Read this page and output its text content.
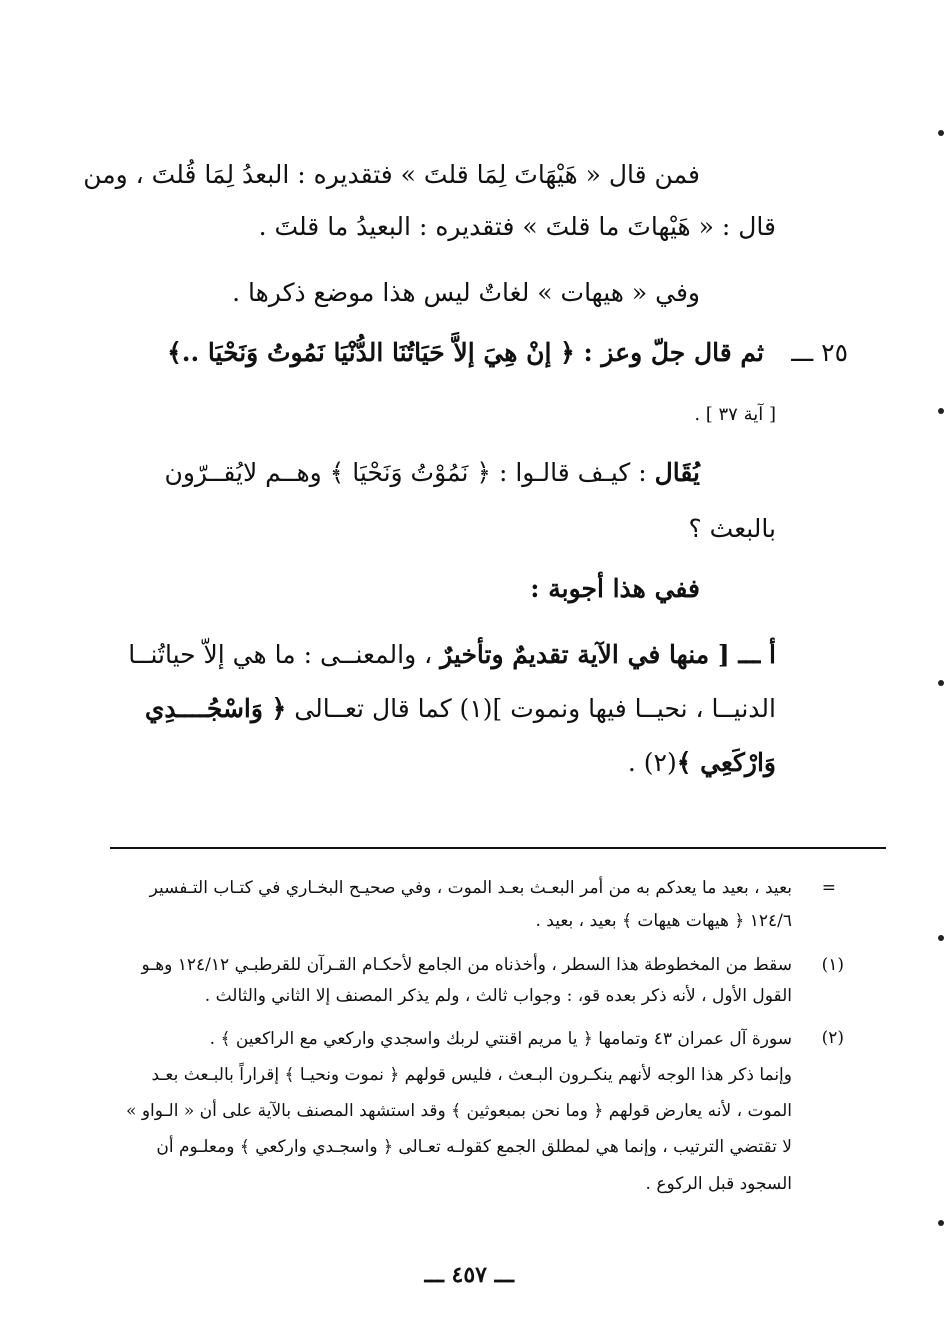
فمن قال « هَيْهَاتَ لِمَا قلتَ » فتقديره : البعدُ لِمَا قُلتَ ، ومن
قال : « هَيْهاتَ ما قلتَ » فتقديره : البعيدُ ما قلتَ .
وفي « هيهات » لغاتٌ ليس هذا موضع ذكرها .
٢٥ ـــ
ثم قال جلّ وعز : ﴿ إنْ هِيَ إلاَّ حَيَاتُنَا الدُّنْيَا نَمُوتُ وَنَحْيَا ..﴾
[ آية ٣٧ ] .
يُقَال : كيـف قالـوا : ﴿ نَمُوْتُ وَنَحْيَا ﴾ وهــم لايُقــرّون
بالبعث ؟
ففي هذا أجوبة :
أ ـــ [ منها في الآية تقديمٌ وتأخيرٌ ، والمعنــى : ما هي إلاّ حياتُنــا
الدنيــا ، نحيــا فيها ونموت ](١) كما قال تعــالى ﴿ وَاسْجُــــدِي
وَارْكَعِي ﴾(٢) .
=
بعيد ، بعيد ما يعدكم به من أمر البعـث بعـد الموت ، وفي صحيـح البخـاري في كتـاب التـفسير
١٢٤/٦ ﴿ هيهات هيهات ﴾ بعيد ، بعيد .
(١)
سقط من المخطوطة هذا السطر ، وأخذناه من الجامع لأحكـام القـرآن للقرطبـي ١٢٤/١٢ وهـو
القول الأول ، لأنه ذكر بعده قو، : وجواب ثالث ، ولم يذكر المصنف إلا الثاني والثالث .
(٢)
سورة آل عمران ٤٣ وتمامها ﴿ يا مريم اقنتي لربك واسجدي واركعي مع الراكعين ﴾ .
وإنما ذكر هذا الوجه لأنهم ينكـرون البـعث ، فليس قولهم ﴿ نموت ونحيـا ﴾ إقراراً بالبـعث بعـد
الموت ، لأنه يعارض قولهم ﴿ وما نحن بمبعوثين ﴾ وقد استشهد المصنف بالآية على أن « الـواو »
لا تقتضي الترتيب ، وإنما هي لمطلق الجمع كقولـه تعـالى ﴿ واسجـدي واركعي ﴾ ومعلـوم أن
السجود قبل الركوع .
ـــ ٤٥٧ ـــ
